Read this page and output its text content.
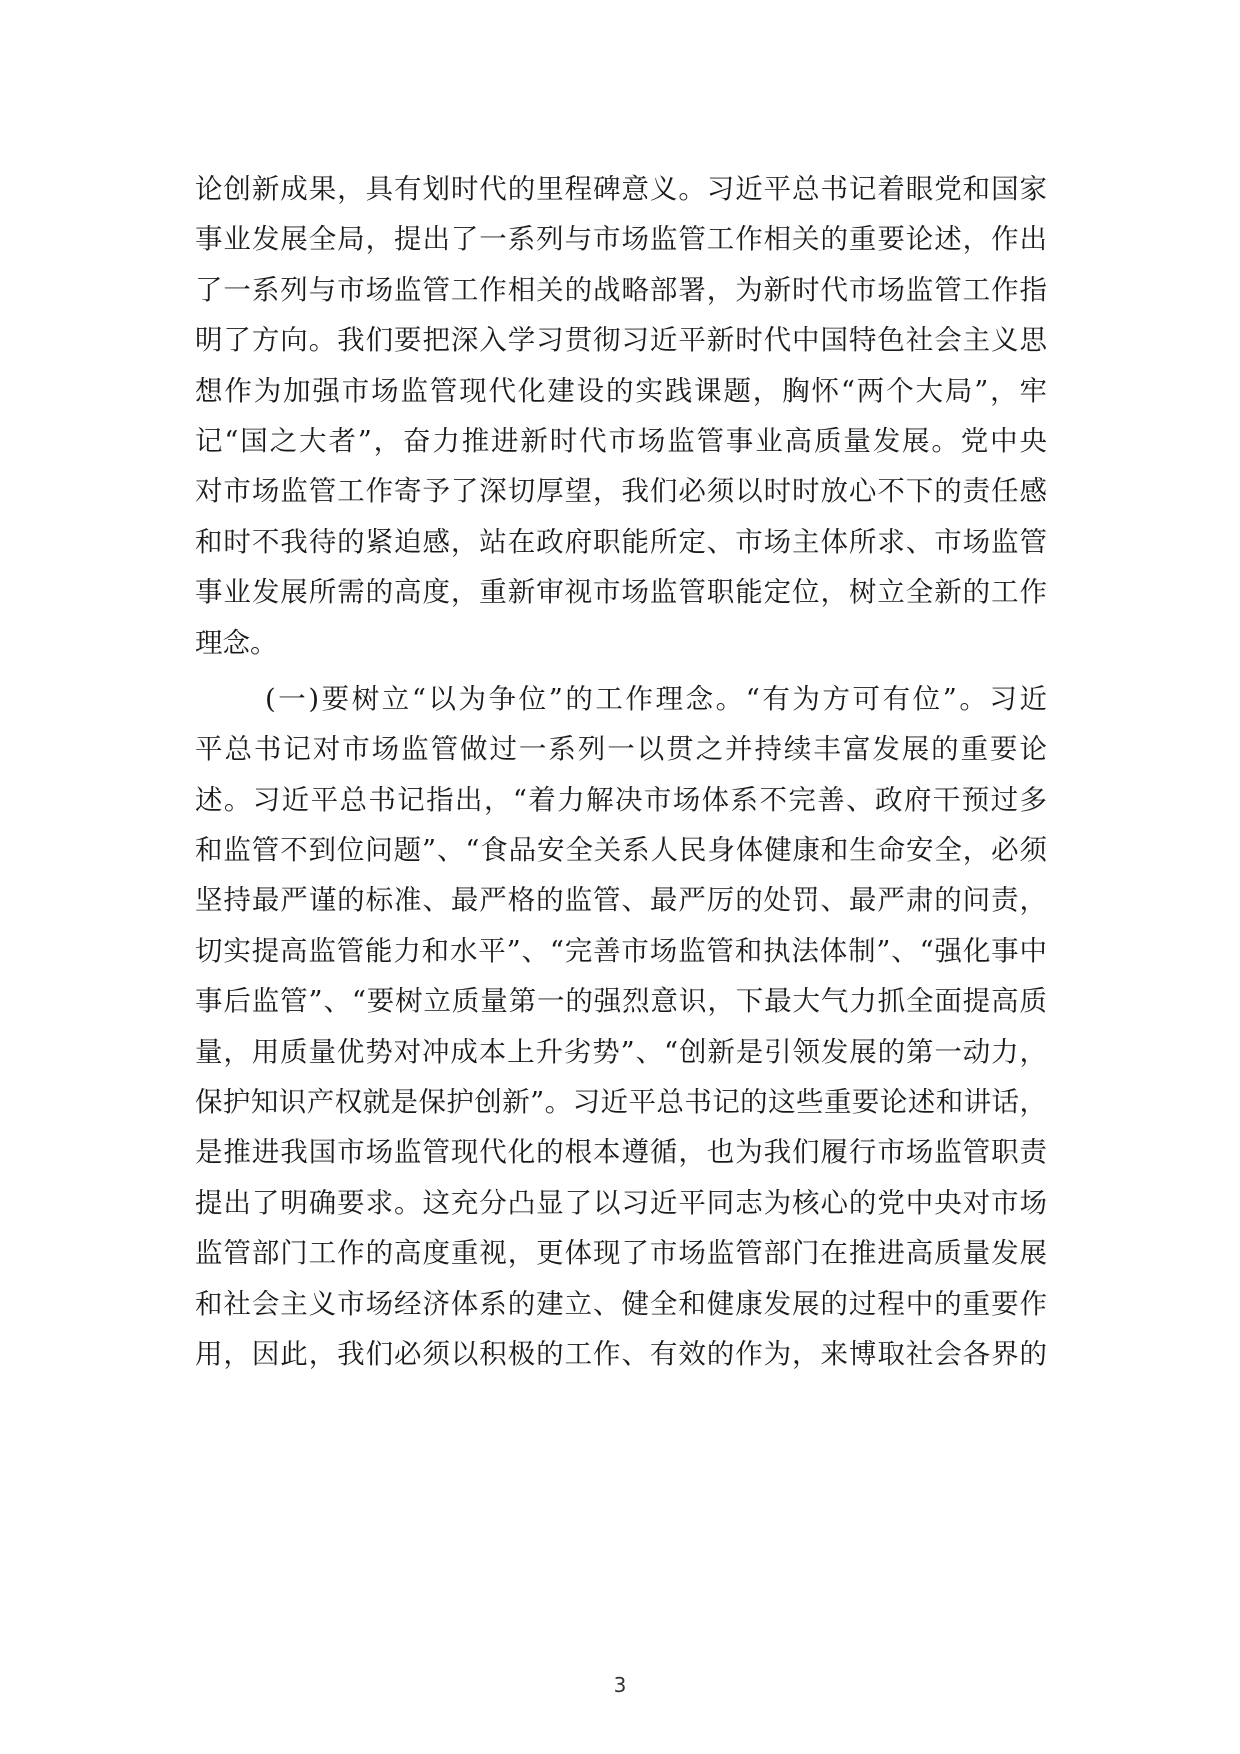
论创新成果，具有划时代的里程碑意义。习近平总书记着眼党和国家
事业发展全局，提出了一系列与市场监管工作相关的重要论述，作出
了一系列与市场监管工作相关的战略部署，为新时代市场监管工作指
明了方向。我们要把深入学习贯彻习近平新时代中国特色社会主义思
想作为加强市场监管现代化建设的实践课题，胸怀“两个大局”，牢
记“国之大者”，奋力推进新时代市场监管事业高质量发展。党中央
对市场监管工作寄予了深切厚望，我们必须以时时放心不下的责任感
和时不我待的紧迫感，站在政府职能所定、市场主体所求、市场监管
事业发展所需的高度，重新审视市场监管职能定位，树立全新的工作
理念。
(一)要树立“以为争位”的工作理念。“有为方可有位”。习近
平总书记对市场监管做过一系列一以贯之并持续丰富发展的重要论
述。习近平总书记指出，“着力解决市场体系不完善、政府干预过多
和监管不到位问题”、“食品安全关系人民身体健康和生命安全，必须
坚持最严谨的标准、最严格的监管、最严厉的处罚、最严肃的问责，
切实提高监管能力和水平”、“完善市场监管和执法体制”、“强化事中
事后监管”、“要树立质量第一的强烈意识，下最大气力抓全面提高质
量，用质量优势对冲成本上升劣势”、“创新是引领发展的第一动力，
保护知识产权就是保护创新”。习近平总书记的这些重要论述和讲话，
是推进我国市场监管现代化的根本遵循，也为我们履行市场监管职责
提出了明确要求。这充分凸显了以习近平同志为核心的党中央对市场
监管部门工作的高度重视，更体现了市场监管部门在推进高质量发展
和社会主义市场经济体系的建立、健全和健康发展的过程中的重要作
用，因此，我们必须以积极的工作、有效的作为，来博取社会各界的
3
